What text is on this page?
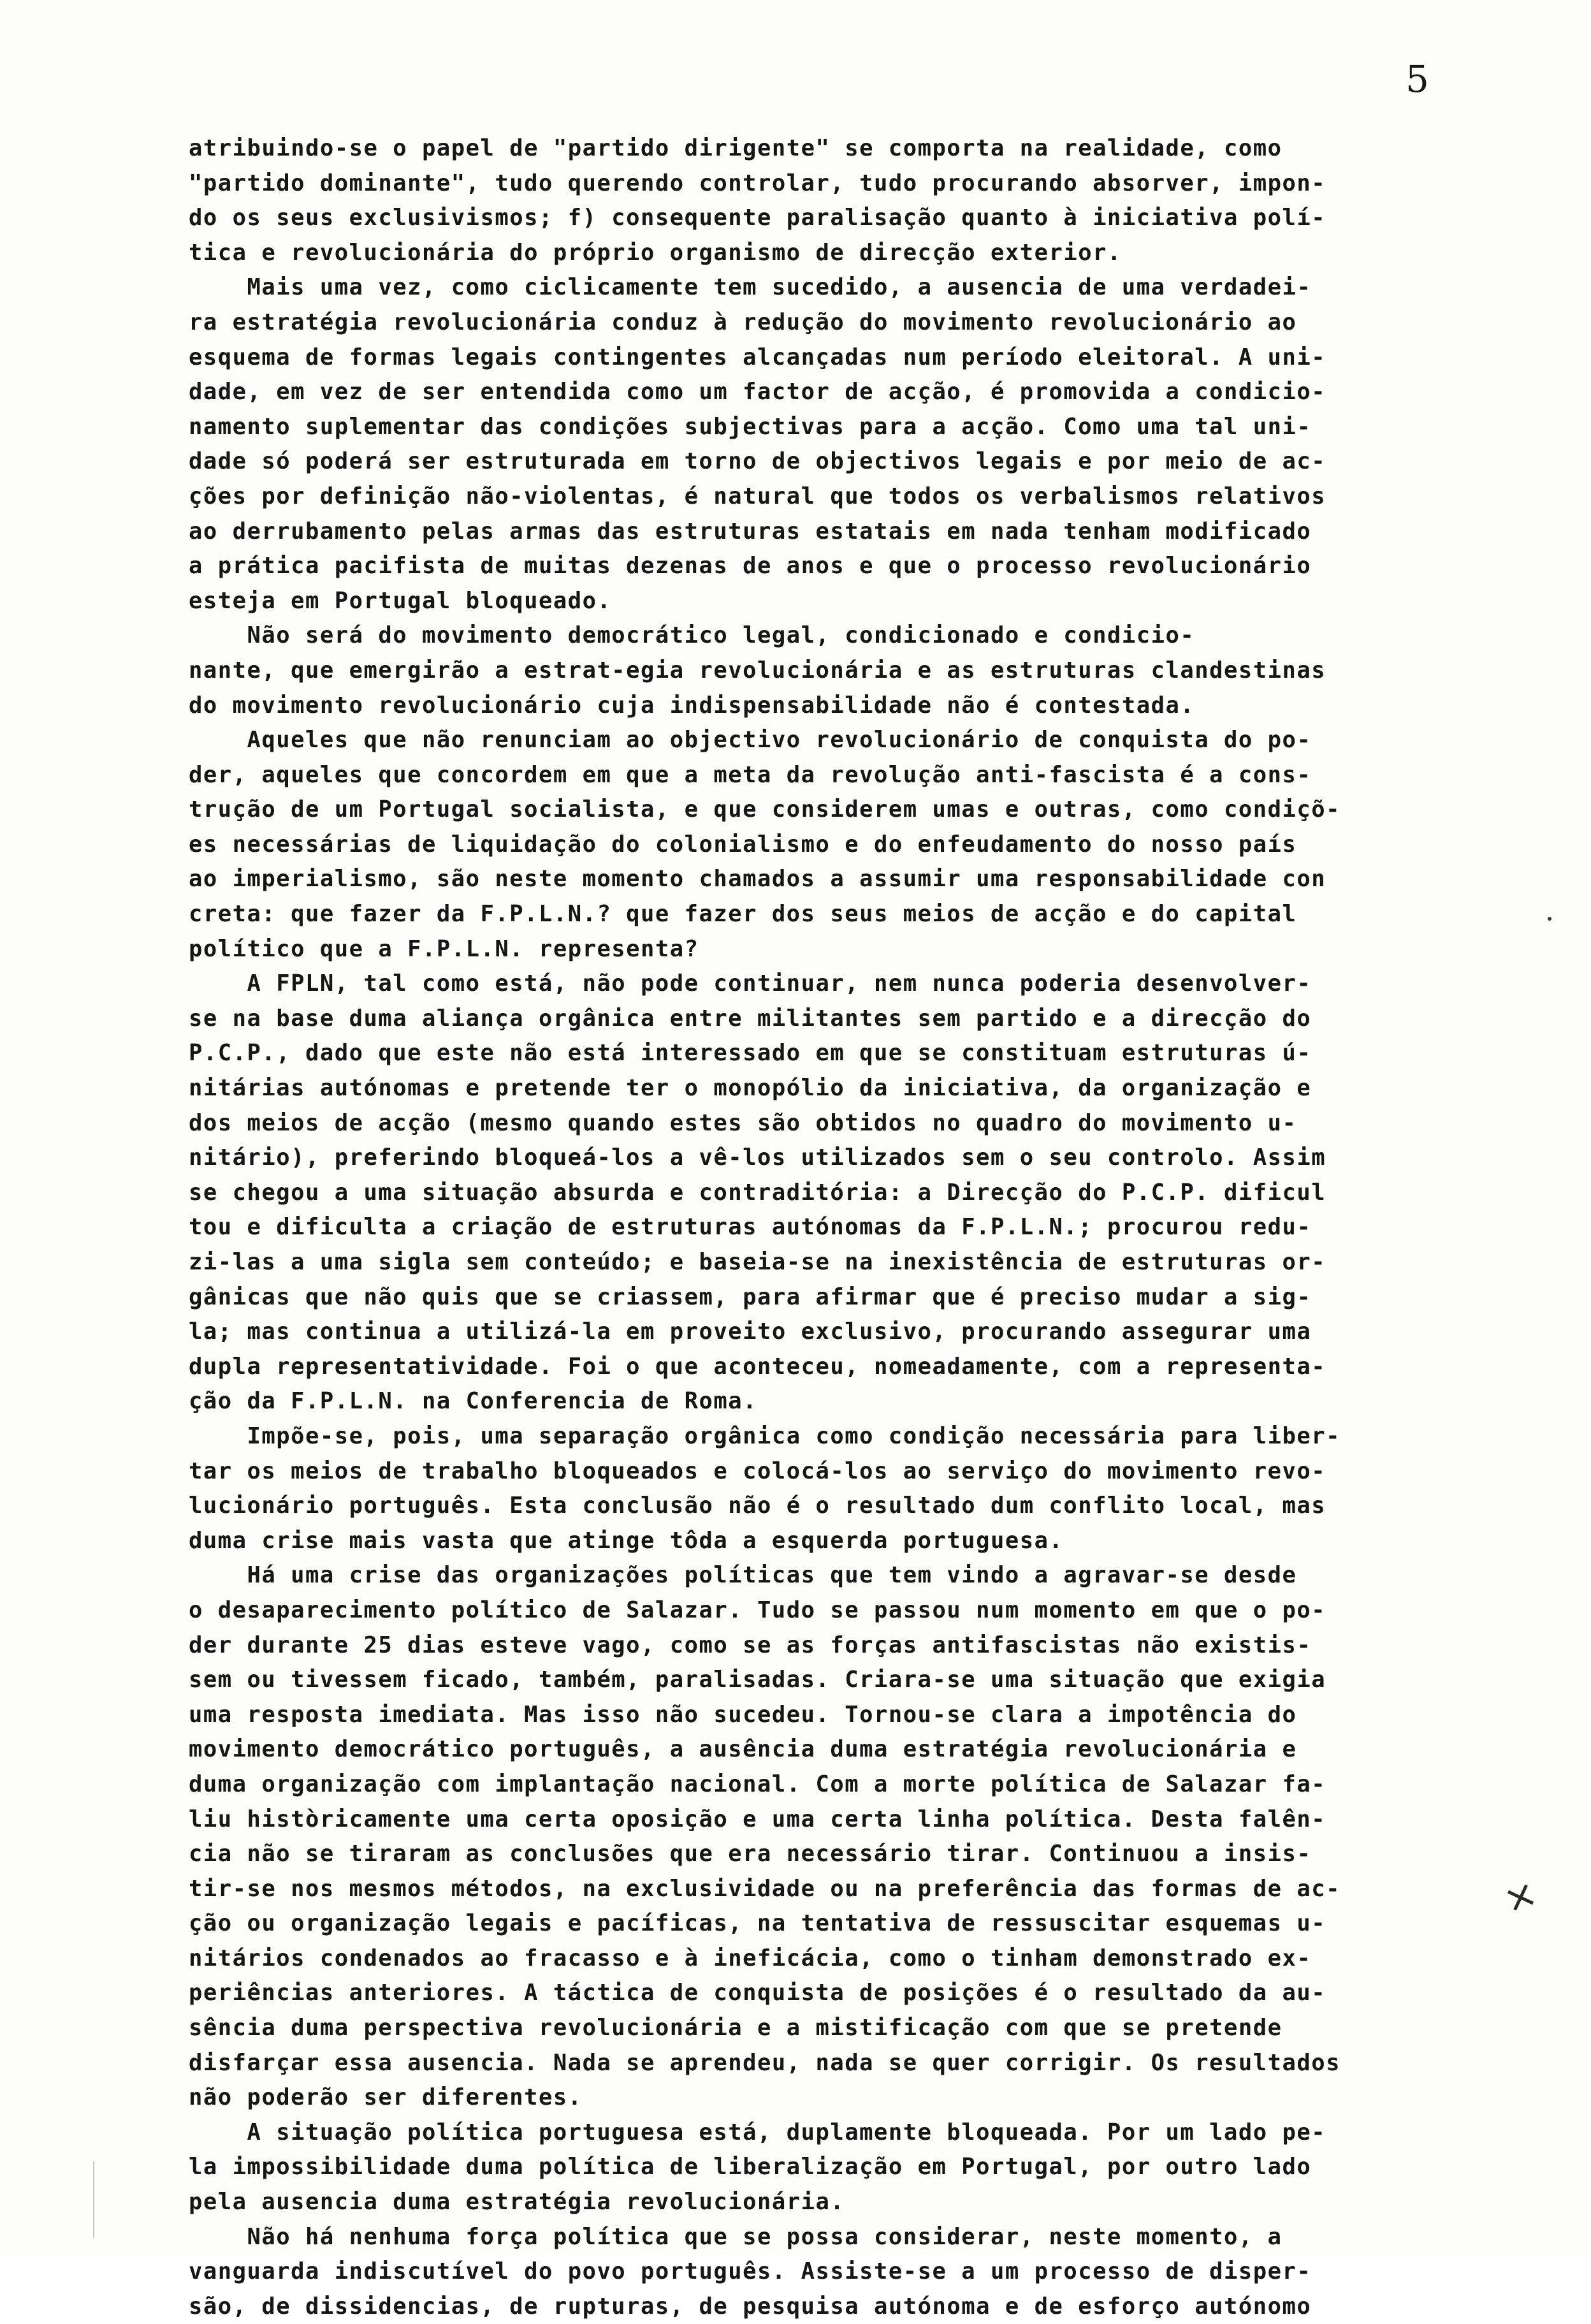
5
×
atribuindo-se o papel de "partido dirigente" se comporta na realidade, como
"partido dominante", tudo querendo controlar, tudo procurando absorver, impon-
do os seus exclusivismos; f) consequente paralisação quanto à iniciativa polí-
tica e revolucionária do próprio organismo de direcção exterior.
Mais uma vez, como ciclicamente tem sucedido, a ausencia de uma verdadei-
ra estratégia revolucionária conduz à redução do movimento revolucionário ao
esquema de formas legais contingentes alcançadas num período eleitoral. A uni-
dade, em vez de ser entendida como um factor de acção, é promovida a condicio-
namento suplementar das condições subjectivas para a acção. Como uma tal uni-
dade só poderá ser estruturada em torno de objectivos legais e por meio de ac-
ções por definição não-violentas, é natural que todos os verbalismos relativos
ao derrubamento pelas armas das estruturas estatais em nada tenham modificado
a prática pacifista de muitas dezenas de anos e que o processo revolucionário
esteja em Portugal bloqueado.
Não será do movimento democrático legal, condicionado e condicio-
nante, que emergirão a estrat-egia revolucionária e as estruturas clandestinas
do movimento revolucionário cuja indispensabilidade não é contestada.
Aqueles que não renunciam ao objectivo revolucionário de conquista do po-
der, aqueles que concordem em que a meta da revolução anti-fascista é a cons-
trução de um Portugal socialista, e que considerem umas e outras, como condiçõ-
es necessárias de liquidação do colonialismo e do enfeudamento do nosso país
ao imperialismo, são neste momento chamados a assumir uma responsabilidade con
creta: que fazer da F.P.L.N.? que fazer dos seus meios de acção e do capital
político que a F.P.L.N. representa?
A FPLN, tal como está, não pode continuar, nem nunca poderia desenvolver-
se na base duma aliança orgânica entre militantes sem partido e a direcção do
P.C.P., dado que este não está interessado em que se constituam estruturas ú-
nitárias autónomas e pretende ter o monopólio da iniciativa, da organização e
dos meios de acção (mesmo quando estes são obtidos no quadro do movimento u-
nitário), preferindo bloqueá-los a vê-los utilizados sem o seu controlo. Assim
se chegou a uma situação absurda e contraditória: a Direcção do P.C.P. dificul
tou e dificulta a criação de estruturas autónomas da F.P.L.N.; procurou redu-
zi-las a uma sigla sem conteúdo; e baseia-se na inexistência de estruturas or-
gânicas que não quis que se criassem, para afirmar que é preciso mudar a sig-
la; mas continua a utilizá-la em proveito exclusivo, procurando assegurar uma
dupla representatividade. Foi o que aconteceu, nomeadamente, com a representa-
ção da F.P.L.N. na Conferencia de Roma.
Impõe-se, pois, uma separação orgânica como condição necessária para liber-
tar os meios de trabalho bloqueados e colocá-los ao serviço do movimento revo-
lucionário português. Esta conclusão não é o resultado dum conflito local, mas
duma crise mais vasta que atinge tôda a esquerda portuguesa.
Há uma crise das organizações políticas que tem vindo a agravar-se desde
o desaparecimento político de Salazar. Tudo se passou num momento em que o po-
der durante 25 dias esteve vago, como se as forças antifascistas não existis-
sem ou tivessem ficado, também, paralisadas. Criara-se uma situação que exigia
uma resposta imediata. Mas isso não sucedeu. Tornou-se clara a impotência do
movimento democrático português, a ausência duma estratégia revolucionária e
duma organização com implantação nacional. Com a morte política de Salazar fa-
liu històricamente uma certa oposição e uma certa linha política. Desta falên-
cia não se tiraram as conclusões que era necessário tirar. Continuou a insis-
tir-se nos mesmos métodos, na exclusividade ou na preferência das formas de ac-
ção ou organização legais e pacíficas, na tentativa de ressuscitar esquemas u-
nitários condenados ao fracasso e à ineficácia, como o tinham demonstrado ex-
periências anteriores. A táctica de conquista de posições é o resultado da au-
sência duma perspectiva revolucionária e a mistificação com que se pretende
disfarçar essa ausencia. Nada se aprendeu, nada se quer corrigir. Os resultados
não poderão ser diferentes.
A situação política portuguesa está, duplamente bloqueada. Por um lado pe-
la impossibilidade duma política de liberalização em Portugal, por outro lado
pela ausencia duma estratégia revolucionária.
Não há nenhuma força política que se possa considerar, neste momento, a
vanguarda indiscutível do povo português. Assiste-se a um processo de disper-
são, de dissidencias, de rupturas, de pesquisa autónoma e de esforço autónomo
